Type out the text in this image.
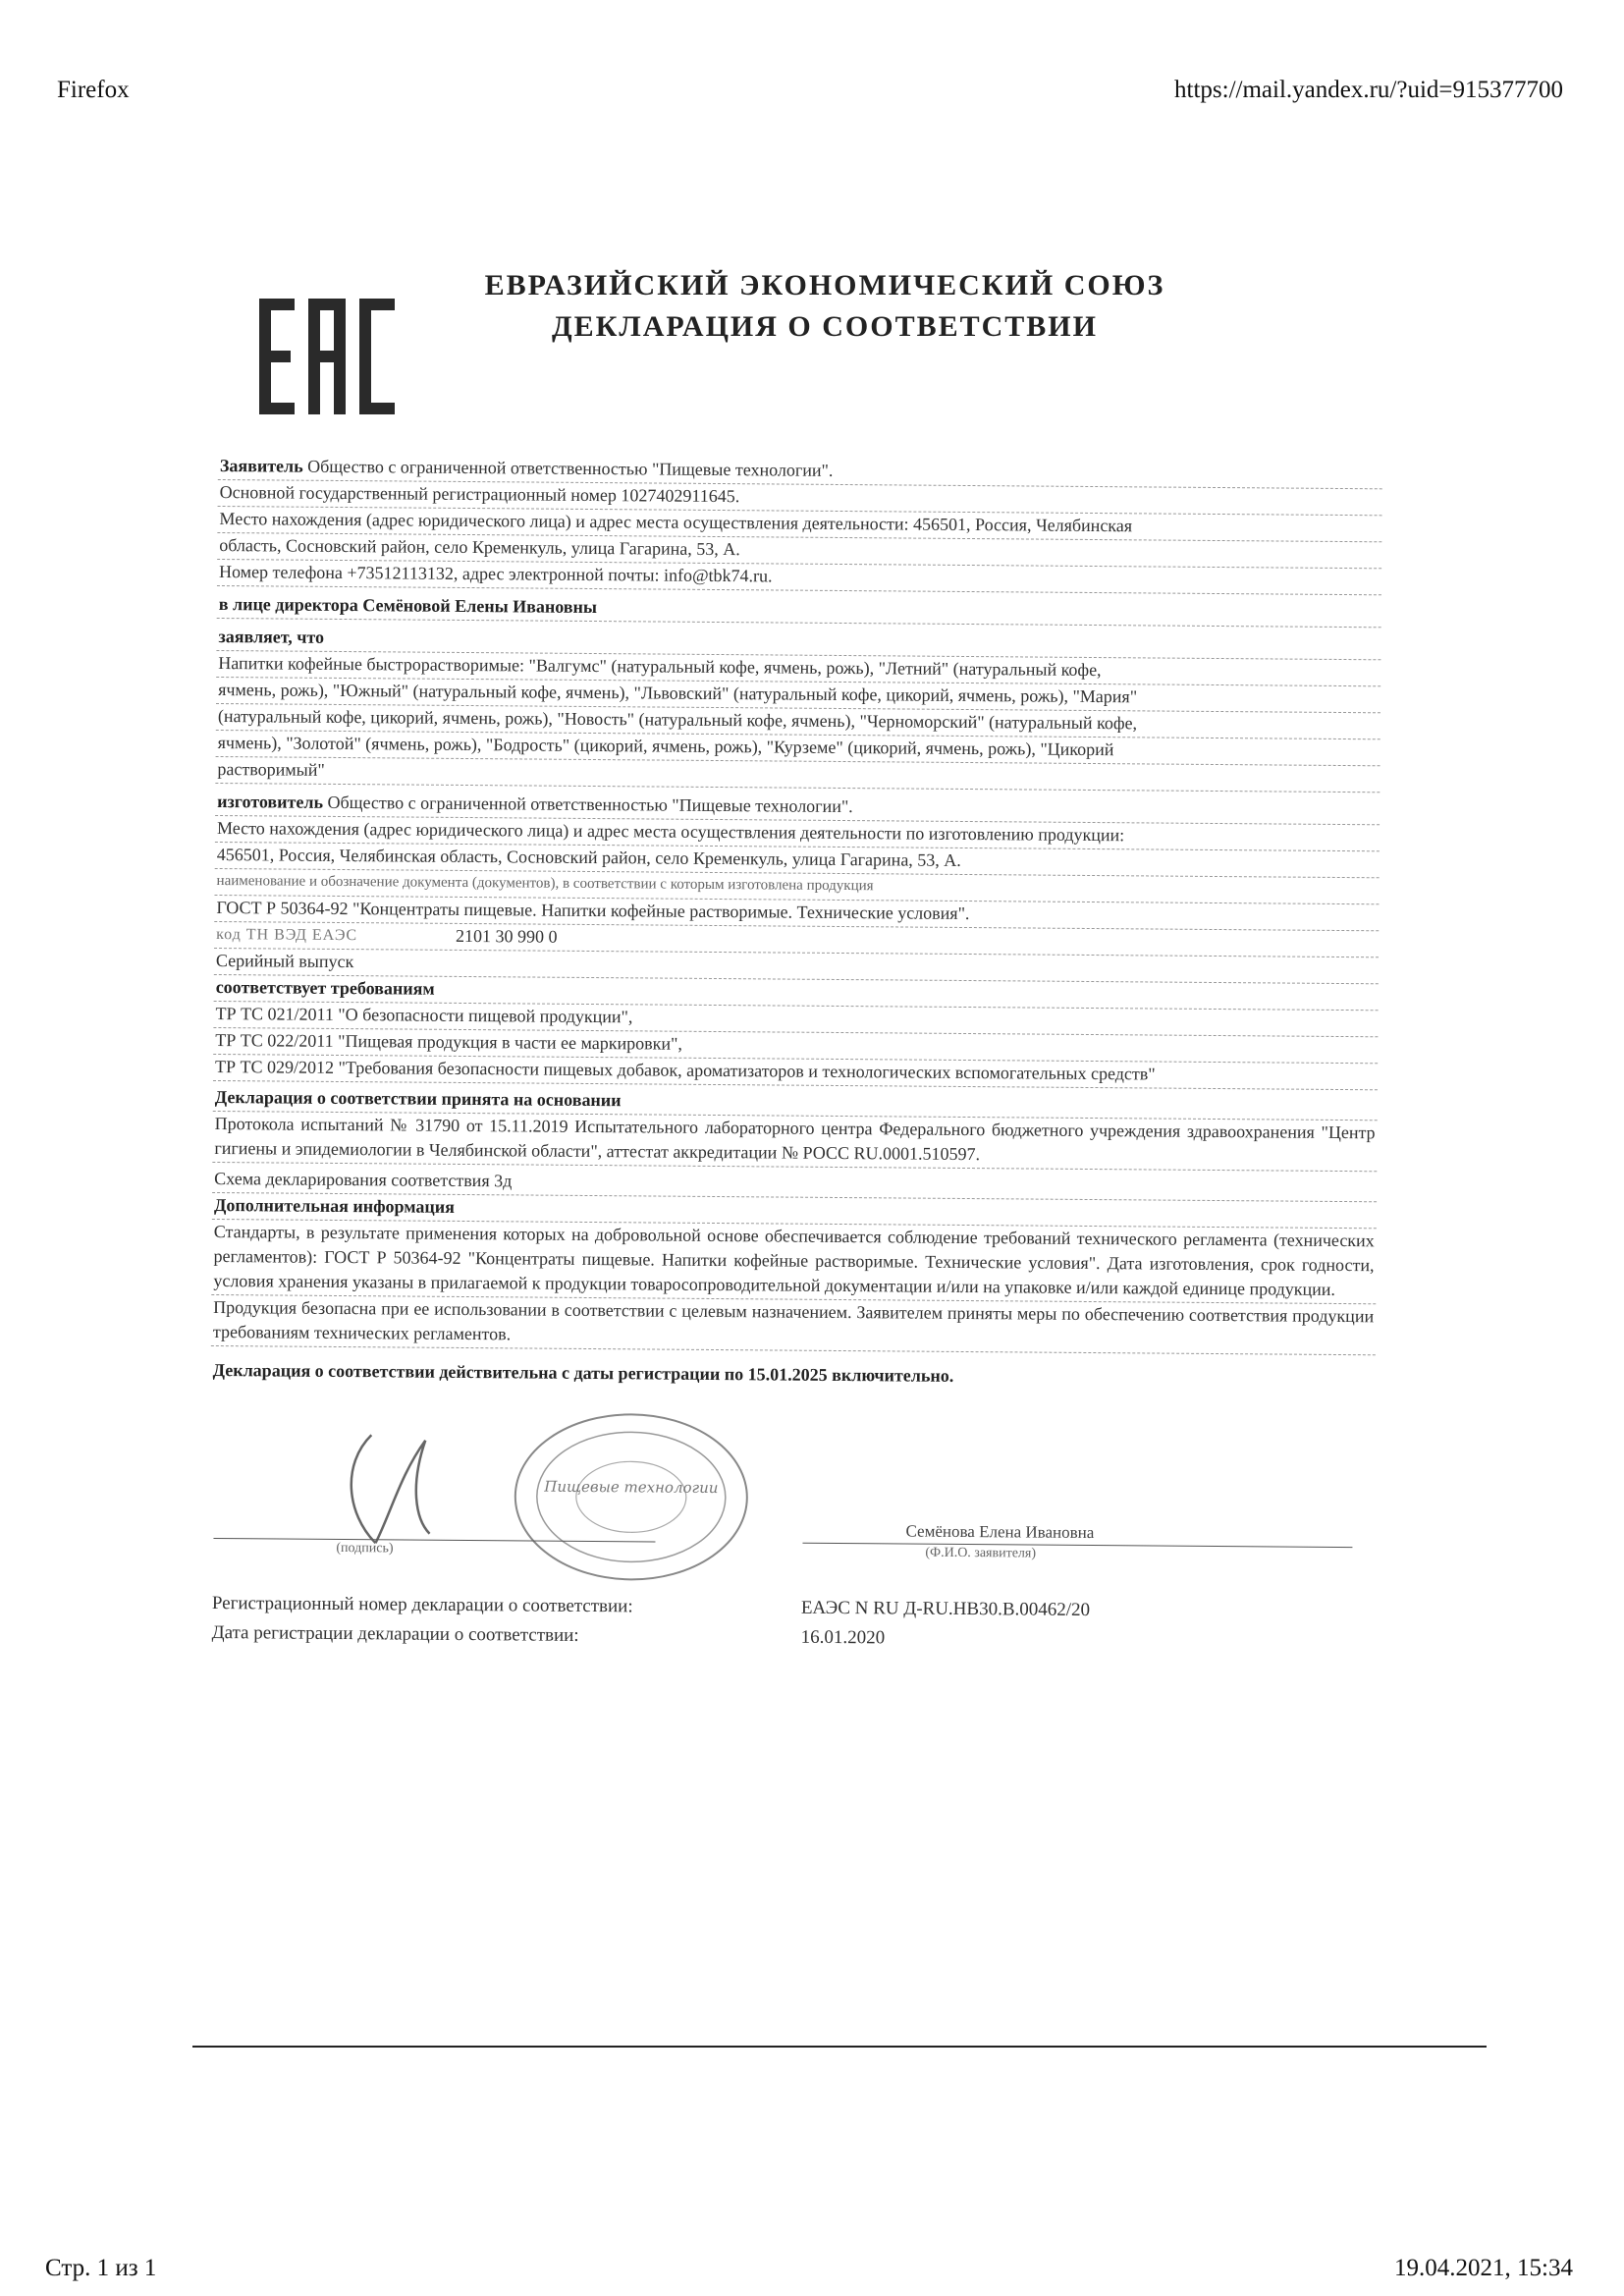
Firefox	https://mail.yandex.ru/?uid=915377700
Стр. 1 из 1	19.04.2021, 15:34
ЕВРАЗИЙСКИЙ ЭКОНОМИЧЕСКИЙ СОЮЗ
ДЕКЛАРАЦИЯ О СООТВЕТСТВИИ
Заявитель Общество с ограниченной ответственностью "Пищевые технологии".
Основной государственный регистрационный номер 1027402911645.
Место нахождения (адрес юридического лица) и адрес места осуществления деятельности: 456501, Россия, Челябинская
область, Сосновский район, село Кременкуль, улица Гагарина, 53, А.
Номер телефона +73512113132, адрес электронной почты: info@tbk74.ru.
в лице директора Семёновой Елены Ивановны
заявляет, что
Напитки кофейные быстрорастворимые: "Валгумс" (натуральный кофе, ячмень, рожь), "Летний" (натуральный кофе,
ячмень, рожь), "Южный" (натуральный кофе, ячмень), "Львовский" (натуральный кофе, цикорий, ячмень, рожь), "Мария"
(натуральный кофе, цикорий, ячмень, рожь), "Новость" (натуральный кофе, ячмень), "Черноморский" (натуральный кофе,
ячмень), "Золотой" (ячмень, рожь), "Бодрость" (цикорий, ячмень, рожь), "Курземе" (цикорий, ячмень, рожь), "Цикорий
растворимый"
изготовитель Общество с ограниченной ответственностью "Пищевые технологии".
Место нахождения (адрес юридического лица) и адрес места осуществления деятельности по изготовлению продукции:
456501, Россия, Челябинская область, Сосновский район, село Кременкуль, улица Гагарина, 53, А.
наименование и обозначение документа (документов), в соответствии с которым изготовлена продукция
ГОСТ Р 50364-92 "Концентраты пищевые. Напитки кофейные растворимые. Технические условия".
код ТН ВЭД ЕАЭС	2101 30 990 0
Серийный выпуск
соответствует требованиям
ТР ТС 021/2011 "О безопасности пищевой продукции",
ТР ТС 022/2011 "Пищевая продукция в части ее маркировки",
ТР ТС 029/2012 "Требования безопасности пищевых добавок, ароматизаторов и технологических вспомогательных средств"
Декларация о соответствии принята на основании
Протокола испытаний № 31790 от 15.11.2019 Испытательного лабораторного центра Федерального бюджетного учреждения здравоохранения "Центр гигиены и эпидемиологии в Челябинской области", аттестат аккредитации № РОСС RU.0001.510597.
Схема декларирования соответствия 3д
Дополнительная информация
Стандарты, в результате применения которых на добровольной основе обеспечивается соблюдение требований технического регламента (технических регламентов): ГОСТ Р 50364-92 "Концентраты пищевые. Напитки кофейные растворимые. Технические условия". Дата изготовления, срок годности, условия хранения указаны в прилагаемой к продукции товаросопроводительной документации и/или на упаковке и/или каждой единице продукции.
Продукция безопасна при ее использовании в соответствии с целевым назначением. Заявителем приняты меры по обеспечению соответствия продукции требованиям технических регламентов.
Декларация о соответствии действительна с даты регистрации по 15.01.2025 включительно.
Пищевые технологии
(подпись)
Семёнова Елена Ивановна
(Ф.И.О. заявителя)
Регистрационный номер декларации о соответствии:	ЕАЭС N RU Д-RU.НВ30.В.00462/20
Дата регистрации декларации о соответствии:	16.01.2020
